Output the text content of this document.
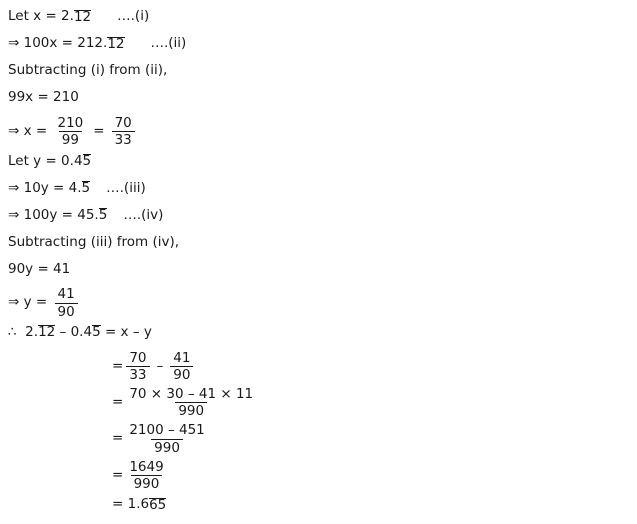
Let x = 2. 12 ….(i)
⇒ 100x = 212. 12 ….(ii)
Subtracting (i) from (ii),
99x = 210
⇒ $x = \frac{210}{99} = \frac{70}{33}$
Let y = 0.4 5
⇒ 10y = 4. 5 ….(iii)
⇒ 100y = 45. 5 ….(iv)
Subtracting (iii) from (iv),
90y = 41
⇒ $y = \frac{41}{90}$
∴  2. 12 – 0.4 5 = x – y
= $\frac{70}{33} - \frac{41}{90}$
= $\frac{70 \times 30 - 41 \times 11}{990}$
= $\frac{2100 - 451}{990}$
= $\frac{1649}{990}$
= 1.6 65
